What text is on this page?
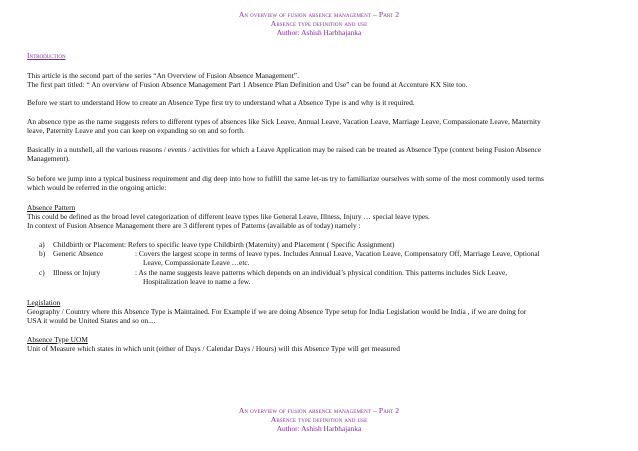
An overview of fusion absence management – Part 2
Absence type definition and use
Author: Ashish Harbhajanka
Introduction

This article is the second part of the series “An Overview of Fusion Absence Management”.

The first part titled: “ An overview of Fusion Absence Management Part 1 Absence Plan Definition and Use” can be found at Accenture KX Site too.

Before we start to understand How to create an Absence Type first try to understand what a Absence Type is and why is it required.

An absence type as the name suggests refers to different types of absences like Sick Leave, Annual Leave, Vacation Leave, Marriage Leave, Compassionate Leave, Maternity

leave, Paternity Leave and you can keep on expanding so on and so forth.

Basically in a nutshell, all the various reasons / events / activities for which a Leave Application may be raised can be treated as Absence Type (context being Fusion Absence

Management).

So before we jump into a typical business requirement and dig deep into how to fulfill the same let-us try to familiarize ourselves with some of the most commonly used terms

which would be referred in the ongoing article:

Absence Pattern

This could be defined as the broad level categorization of different leave types like General Leave, Illness, Injury … special leave types.

In context of Fusion Absence Management there are 3 different types of Patterns (available as of today) namely :

a) Childbirth or Placement: Refers to specific leave type Childbirth (Maternity) and Placement ( Specific Assignment)
b) Generic Absence	: Covers the largest scope in terms of leave types. Includes Annual Leave, Vacation Leave, Compensatory Off, Marriage Leave, Optional
Leave, Compassionate Leave …etc.
c) Illness or Injury	: As the name suggests leave patterns which depends on an individual’s physical condition. This patterns includes Sick Leave,
Hospitalization leave to name a few.

Legislation

Geography / Country where this Absence Type is Maintained. For Example if we are doing Absence Type setup for India Legislation would be India , if we are doing for

USA it would be United States and so on....

Absence Type UOM

Unit of Measure which states in which unit (either of Days / Calendar Days / Hours) will this Absence Type will get measured

An overview of fusion absence management – Part 2
Absence type definition and use
Author: Ashish Harbhajanka
